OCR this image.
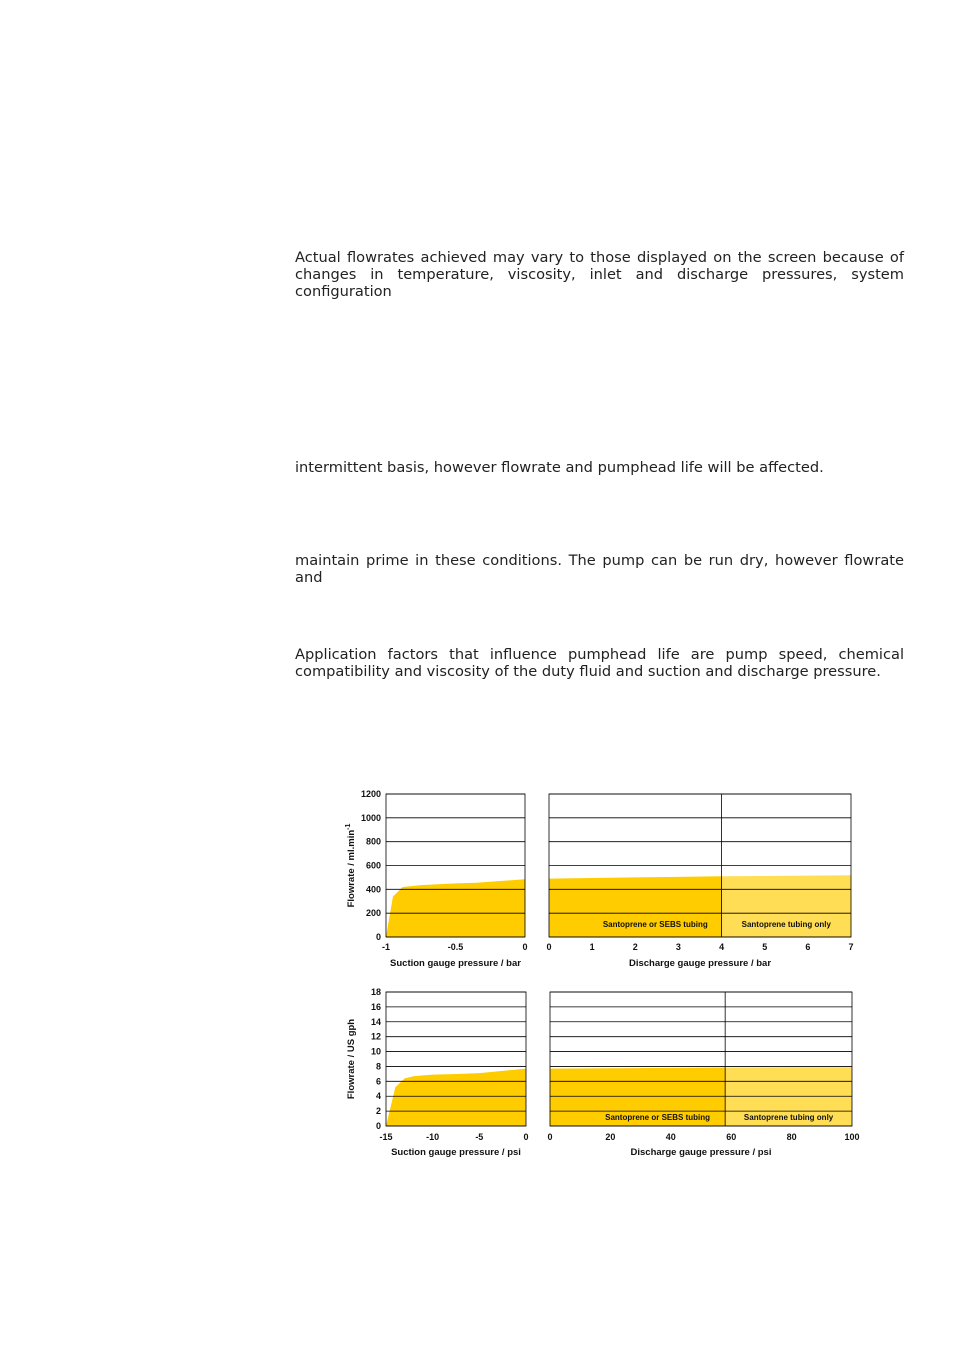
Actual flowrates achieved may vary to those displayed on the screen because of changes in temperature, viscosity, inlet and discharge pressures, system configuration

intermittent basis, however flowrate and pumphead life will be affected.

maintain prime in these conditions. The pump can be run dry, however flowrate and

Application factors that influence pumphead life are pump speed, chemical compatibility and viscosity of the duty fluid and suction and discharge pressure.

-1	-0.5	0
Suction gauge pressure / bar
0
200
400
600
800
1000
1200
Flowrate / $ml.\min^{-1}$
Santoprene or SEBS tubing	Santoprene tubing only
0	1	2	3	4	5	6	7
Discharge gauge pressure / bar
-15	-10	-5	0
Suction gauge pressure / psi
0
2
4
6
8
10
12
14
16
18
Flowrate / US gph
Santoprene or SEBS tubing	Santoprene tubing only
0	20	40	60	80	100
Discharge gauge pressure / psi
